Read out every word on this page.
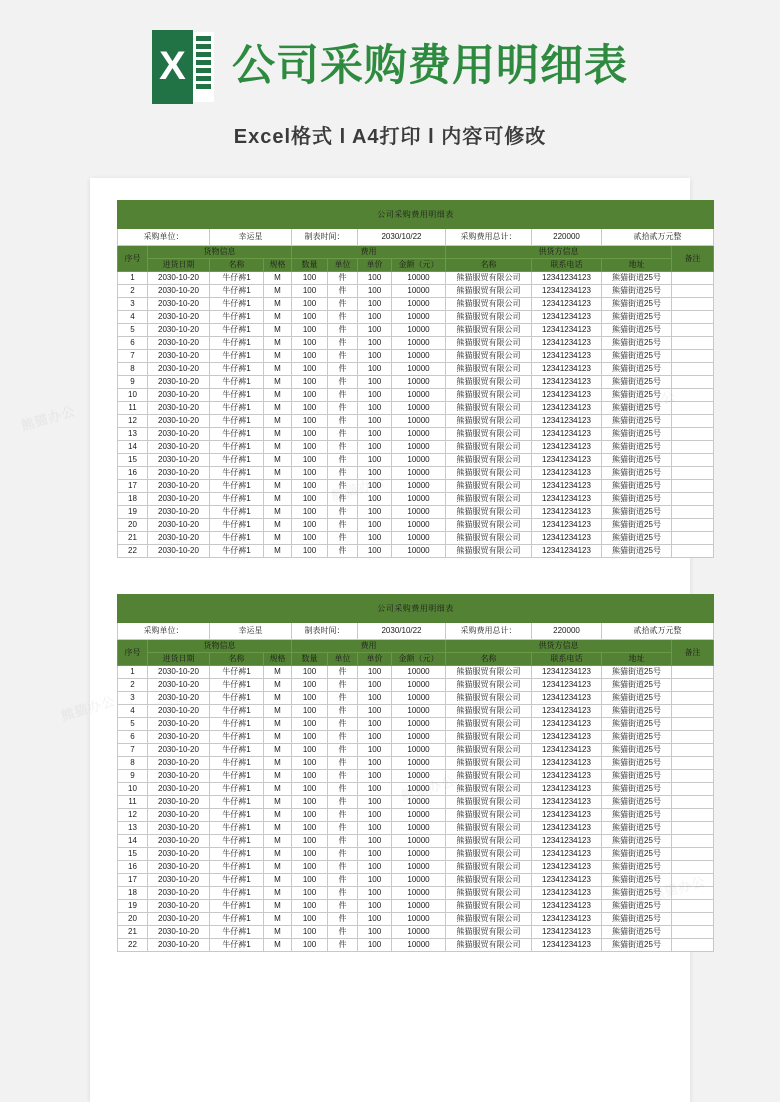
X 公司采购费用明细表
Excel格式 l A4打印 l 内容可修改
公司采购费用明细表											
采购单位：		幸运星		制表时间：		2030/10/22		采购费用总计：	220000	贰拾贰万元整	
序号	货物信息			费用				供货方信息			备注
	进货日期	名称	规格	数量	单位	单价	金额（元）	名称	联系电话	地址	
1	2030-10-20	牛仔裤1	M	100	件	100	10000	熊猫服贸有限公司	12341234123	熊猫街道25号	
2	2030-10-20	牛仔裤1	M	100	件	100	10000	熊猫服贸有限公司	12341234123	熊猫街道25号	
3	2030-10-20	牛仔裤1	M	100	件	100	10000	熊猫服贸有限公司	12341234123	熊猫街道25号	
4	2030-10-20	牛仔裤1	M	100	件	100	10000	熊猫服贸有限公司	12341234123	熊猫街道25号	
5	2030-10-20	牛仔裤1	M	100	件	100	10000	熊猫服贸有限公司	12341234123	熊猫街道25号	
6	2030-10-20	牛仔裤1	M	100	件	100	10000	熊猫服贸有限公司	12341234123	熊猫街道25号	
7	2030-10-20	牛仔裤1	M	100	件	100	10000	熊猫服贸有限公司	12341234123	熊猫街道25号	
8	2030-10-20	牛仔裤1	M	100	件	100	10000	熊猫服贸有限公司	12341234123	熊猫街道25号	
9	2030-10-20	牛仔裤1	M	100	件	100	10000	熊猫服贸有限公司	12341234123	熊猫街道25号	
10	2030-10-20	牛仔裤1	M	100	件	100	10000	熊猫服贸有限公司	12341234123	熊猫街道25号	
11	2030-10-20	牛仔裤1	M	100	件	100	10000	熊猫服贸有限公司	12341234123	熊猫街道25号	
12	2030-10-20	牛仔裤1	M	100	件	100	10000	熊猫服贸有限公司	12341234123	熊猫街道25号	
13	2030-10-20	牛仔裤1	M	100	件	100	10000	熊猫服贸有限公司	12341234123	熊猫街道25号	
14	2030-10-20	牛仔裤1	M	100	件	100	10000	熊猫服贸有限公司	12341234123	熊猫街道25号	
15	2030-10-20	牛仔裤1	M	100	件	100	10000	熊猫服贸有限公司	12341234123	熊猫街道25号	
16	2030-10-20	牛仔裤1	M	100	件	100	10000	熊猫服贸有限公司	12341234123	熊猫街道25号	
17	2030-10-20	牛仔裤1	M	100	件	100	10000	熊猫服贸有限公司	12341234123	熊猫街道25号	
18	2030-10-20	牛仔裤1	M	100	件	100	10000	熊猫服贸有限公司	12341234123	熊猫街道25号	
19	2030-10-20	牛仔裤1	M	100	件	100	10000	熊猫服贸有限公司	12341234123	熊猫街道25号	
20	2030-10-20	牛仔裤1	M	100	件	100	10000	熊猫服贸有限公司	12341234123	熊猫街道25号	
21	2030-10-20	牛仔裤1	M	100	件	100	10000	熊猫服贸有限公司	12341234123	熊猫街道25号	
22	2030-10-20	牛仔裤1	M	100	件	100	10000	熊猫服贸有限公司	12341234123	熊猫街道25号	
公司采购费用明细表											
采购单位：		幸运星		制表时间：		2030/10/22		采购费用总计：	220000	贰拾贰万元整	
序号	货物信息			费用				供货方信息			备注
	进货日期	名称	规格	数量	单位	单价	金额（元）	名称	联系电话	地址	
1	2030-10-20	牛仔裤1	M	100	件	100	10000	熊猫服贸有限公司	12341234123	熊猫街道25号	
2	2030-10-20	牛仔裤1	M	100	件	100	10000	熊猫服贸有限公司	12341234123	熊猫街道25号	
3	2030-10-20	牛仔裤1	M	100	件	100	10000	熊猫服贸有限公司	12341234123	熊猫街道25号	
4	2030-10-20	牛仔裤1	M	100	件	100	10000	熊猫服贸有限公司	12341234123	熊猫街道25号	
5	2030-10-20	牛仔裤1	M	100	件	100	10000	熊猫服贸有限公司	12341234123	熊猫街道25号	
6	2030-10-20	牛仔裤1	M	100	件	100	10000	熊猫服贸有限公司	12341234123	熊猫街道25号	
7	2030-10-20	牛仔裤1	M	100	件	100	10000	熊猫服贸有限公司	12341234123	熊猫街道25号	
8	2030-10-20	牛仔裤1	M	100	件	100	10000	熊猫服贸有限公司	12341234123	熊猫街道25号	
9	2030-10-20	牛仔裤1	M	100	件	100	10000	熊猫服贸有限公司	12341234123	熊猫街道25号	
10	2030-10-20	牛仔裤1	M	100	件	100	10000	熊猫服贸有限公司	12341234123	熊猫街道25号	
11	2030-10-20	牛仔裤1	M	100	件	100	10000	熊猫服贸有限公司	12341234123	熊猫街道25号	
12	2030-10-20	牛仔裤1	M	100	件	100	10000	熊猫服贸有限公司	12341234123	熊猫街道25号	
13	2030-10-20	牛仔裤1	M	100	件	100	10000	熊猫服贸有限公司	12341234123	熊猫街道25号	
14	2030-10-20	牛仔裤1	M	100	件	100	10000	熊猫服贸有限公司	12341234123	熊猫街道25号	
15	2030-10-20	牛仔裤1	M	100	件	100	10000	熊猫服贸有限公司	12341234123	熊猫街道25号	
16	2030-10-20	牛仔裤1	M	100	件	100	10000	熊猫服贸有限公司	12341234123	熊猫街道25号	
17	2030-10-20	牛仔裤1	M	100	件	100	10000	熊猫服贸有限公司	12341234123	熊猫街道25号	
18	2030-10-20	牛仔裤1	M	100	件	100	10000	熊猫服贸有限公司	12341234123	熊猫街道25号	
19	2030-10-20	牛仔裤1	M	100	件	100	10000	熊猫服贸有限公司	12341234123	熊猫街道25号	
20	2030-10-20	牛仔裤1	M	100	件	100	10000	熊猫服贸有限公司	12341234123	熊猫街道25号	
21	2030-10-20	牛仔裤1	M	100	件	100	10000	熊猫服贸有限公司	12341234123	熊猫街道25号	
22	2030-10-20	牛仔裤1	M	100	件	100	10000	熊猫服贸有限公司	12341234123	熊猫街道25号	
